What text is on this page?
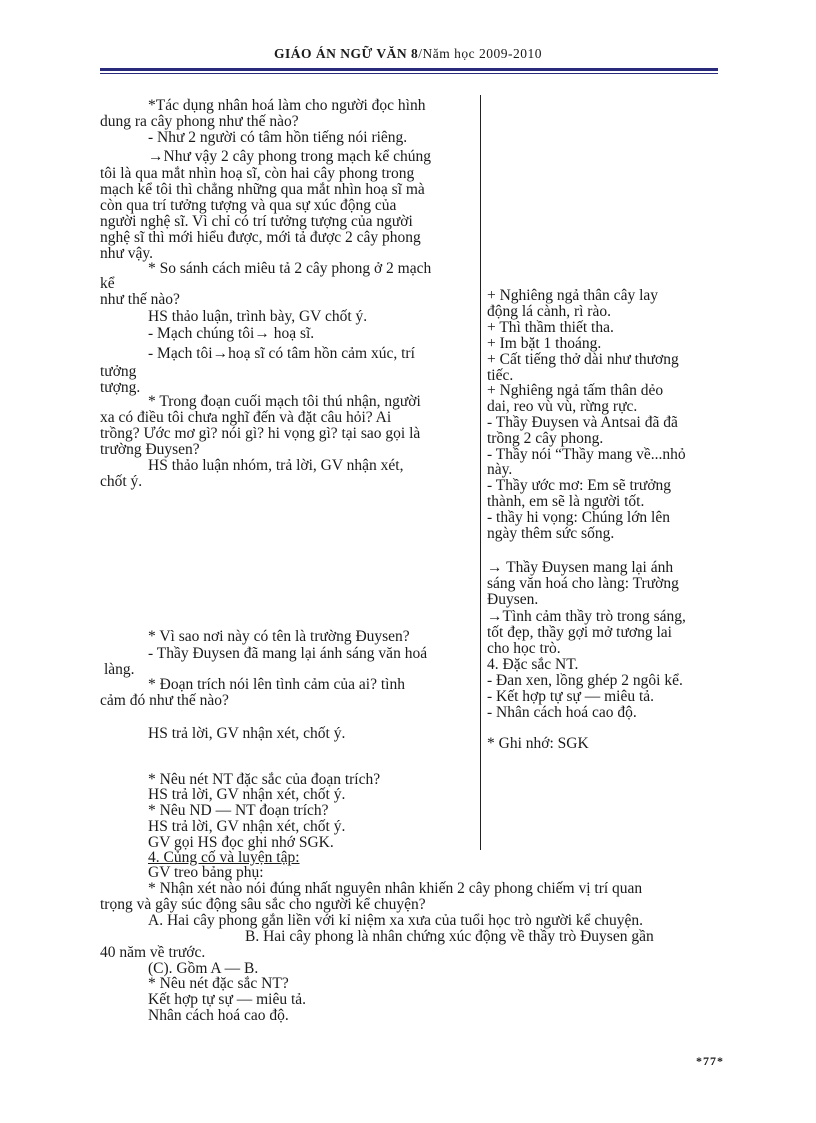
GIÁO ÁN NGỮ VĂN 8/Năm học 2009-2010
*Tác dụng nhân hoá làm cho người đọc hình
dung ra cây phong như thế nào?
- Như 2 người có tâm hồn tiếng nói riêng.
→Như vậy 2 cây phong trong mạch kể chúng
tôi là qua mắt nhìn hoạ sĩ, còn hai cây phong trong
mạch kể tôi thì chẳng những qua mắt nhìn hoạ sĩ mà
còn qua trí tưởng tượng và qua sự xúc động của
người nghệ sĩ. Vì chỉ có trí tưởng tượng của người
nghệ sĩ thì mới hiểu được, mới tả được 2 cây phong
như vậy.
* So sánh cách miêu tả 2 cây phong ở 2 mạch
kể
như thế nào?
HS thảo luận, trình bày, GV chốt ý.
- Mạch chúng tôi→ hoạ sĩ.
- Mạch tôi→hoạ sĩ có tâm hồn cảm xúc, trí
tưởng
tượng.
* Trong đoạn cuối mạch tôi thú nhận, người
xa có điều tôi chưa nghĩ đến và đặt câu hỏi? Ai
trồng? Ước mơ gì? nói gì? hi vọng gì? tại sao gọi là
trường Đuysen?
HS thảo luận nhóm, trả lời, GV nhận xét,
chốt ý.
* Vì sao nơi này có tên là trường Đuysen?
- Thầy Đuysen đã mang lại ánh sáng văn hoá
làng.
* Đoạn trích nói lên tình cảm của ai? tình
cảm đó như thế nào?
HS trả lời, GV nhận xét, chốt ý.
* Nêu nét NT đặc sắc của đoạn trích?
HS trả lời, GV nhận xét, chốt ý.
* Nêu ND — NT đoạn trích?
HS trả lời, GV nhận xét, chốt ý.
GV gọi HS đọc ghi nhớ SGK.
4. Củng cố và luyện tập:
GV treo bảng phụ:
* Nhận xét nào nói đúng nhất nguyên nhân khiến 2 cây phong chiếm vị trí quan
trọng và gây súc động sâu sắc cho người kể chuyện?
A. Hai cây phong gắn liền với kỉ niệm xa xưa của tuổi học trò người kể chuyện.
B. Hai cây phong là nhân chứng xúc động về thầy trò Đuysen gần
40 năm về trước.
(C). Gồm A — B.
* Nêu nét đặc sắc NT?
Kết hợp tự sự — miêu tả.
Nhân cách hoá cao độ.
+ Nghiêng ngả thân cây lay
động lá cành, rì rào.
+ Thì thầm thiết tha.
+ Im bặt 1 thoáng.
+ Cất tiếng thở dài như thương
tiếc.
+ Nghiêng ngả tấm thân dẻo
dai, reo vù vù, rừng rực.
- Thầy Đuysen và Antsai đã đã
trồng 2 cây phong.
- Thầy nói “Thầy mang về...nhỏ
này.
- Thầy ước mơ: Em sẽ trưởng
thành, em sẽ là người tốt.
- thầy hi vọng: Chúng lớn lên
ngày thêm sức sống.
→ Thầy Đuysen mang lại ánh
sáng văn hoá cho làng: Trường
Đuysen.
→Tình cảm thầy trò trong sáng,
tốt đẹp, thầy gợi mở tương lai
cho học trò.
4. Đặc sắc NT.
- Đan xen, lồng ghép 2 ngôi kể.
- Kết hợp tự sự — miêu tả.
- Nhân cách hoá cao độ.
* Ghi nhớ: SGK
*77*
